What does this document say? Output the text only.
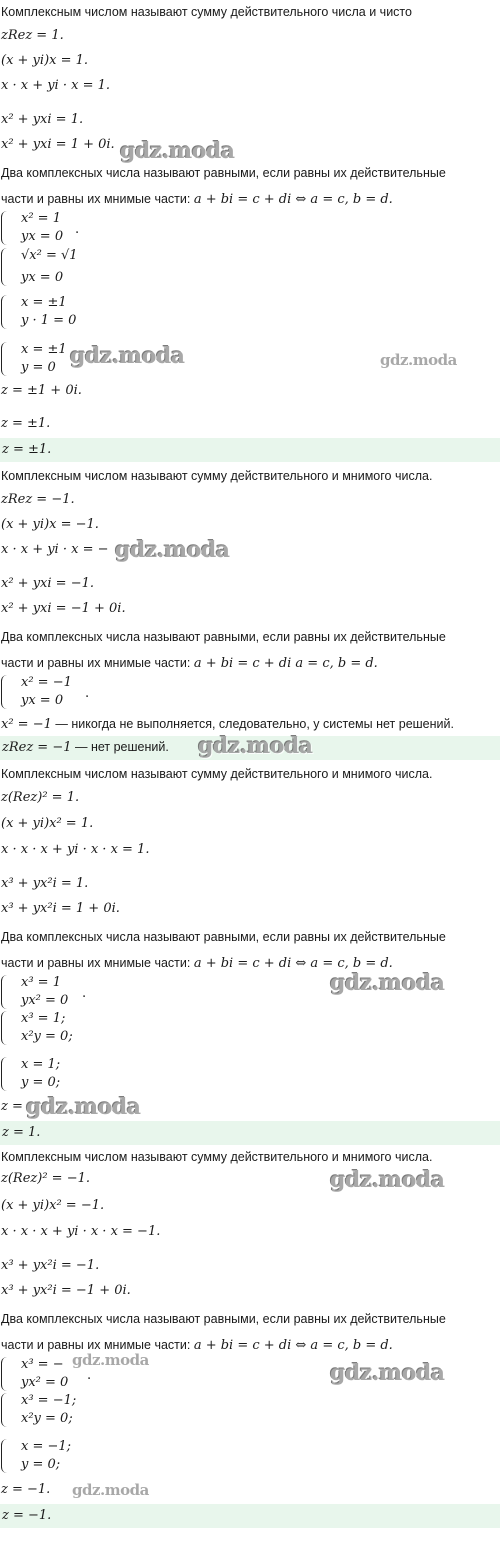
Комплексным числом называют сумму действительного числа и чисто
zRez = 1.
(x + yi)x = 1.
x · x + yi · x = 1.
x² + yxi = 1.
x² + yxi = 1 + 0i. gdz.moda
Два комплексных числа называют равными, если равны их действительные
части и равны их мнимые части: a + bi = c + di ⇔ a = c, b = d.
x² = 1
yx = 0 .
√x² = √1
yx = 0
x = ±1
y · 1 = 0
x = ±1
y = 0 gdz.moda	gdz.moda
z = ±1 + 0i.
z = ±1.
z = ±1.
Комплексным числом называют сумму действительного и мнимого числа.
zRez = −1.
(x + yi)x = −1.
x · x + yi · x = − gdz.moda
x² + yxi = −1.
x² + yxi = −1 + 0i.
Два комплексных числа называют равными, если равны их действительные
части и равны их мнимые части: a + bi = c + di a = c, b = d.
x² = −1
yx = 0 .
x² = −1 — никогда не выполняется, следовательно, у системы нет решений.
zRez = −1 — нет решений. gdz.moda
Комплексным числом называют сумму действительного и мнимого числа.
z(Rez)² = 1.
(x + yi)x² = 1.
x · x · x + yi · x · x = 1.
x³ + yx²i = 1.
x³ + yx²i = 1 + 0i.
Два комплексных числа называют равными, если равны их действительные
части и равны их мнимые части: a + bi = c + di ⇔ a = c, b = d.
x³ = 1
yx² = 0 .	gdz.moda
x³ = 1;
x²y = 0;
x = 1;
y = 0;
z = gdz.moda
z = 1.
Комплексным числом называют сумму действительного и мнимого числа.
z(Rez)² = −1.	gdz.moda
(x + yi)x² = −1.
x · x · x + yi · x · x = −1.
x³ + yx²i = −1.
x³ + yx²i = −1 + 0i.
Два комплексных числа называют равными, если равны их действительные
части и равны их мнимые части: a + bi = c + di ⇔ a = c, b = d.
x³ = −
yx² = 0
gdz.moda
.	gdz.moda
x³ = −1;
x²y = 0;
x = −1;
y = 0;
z = −1. gdz.moda
z = −1.
